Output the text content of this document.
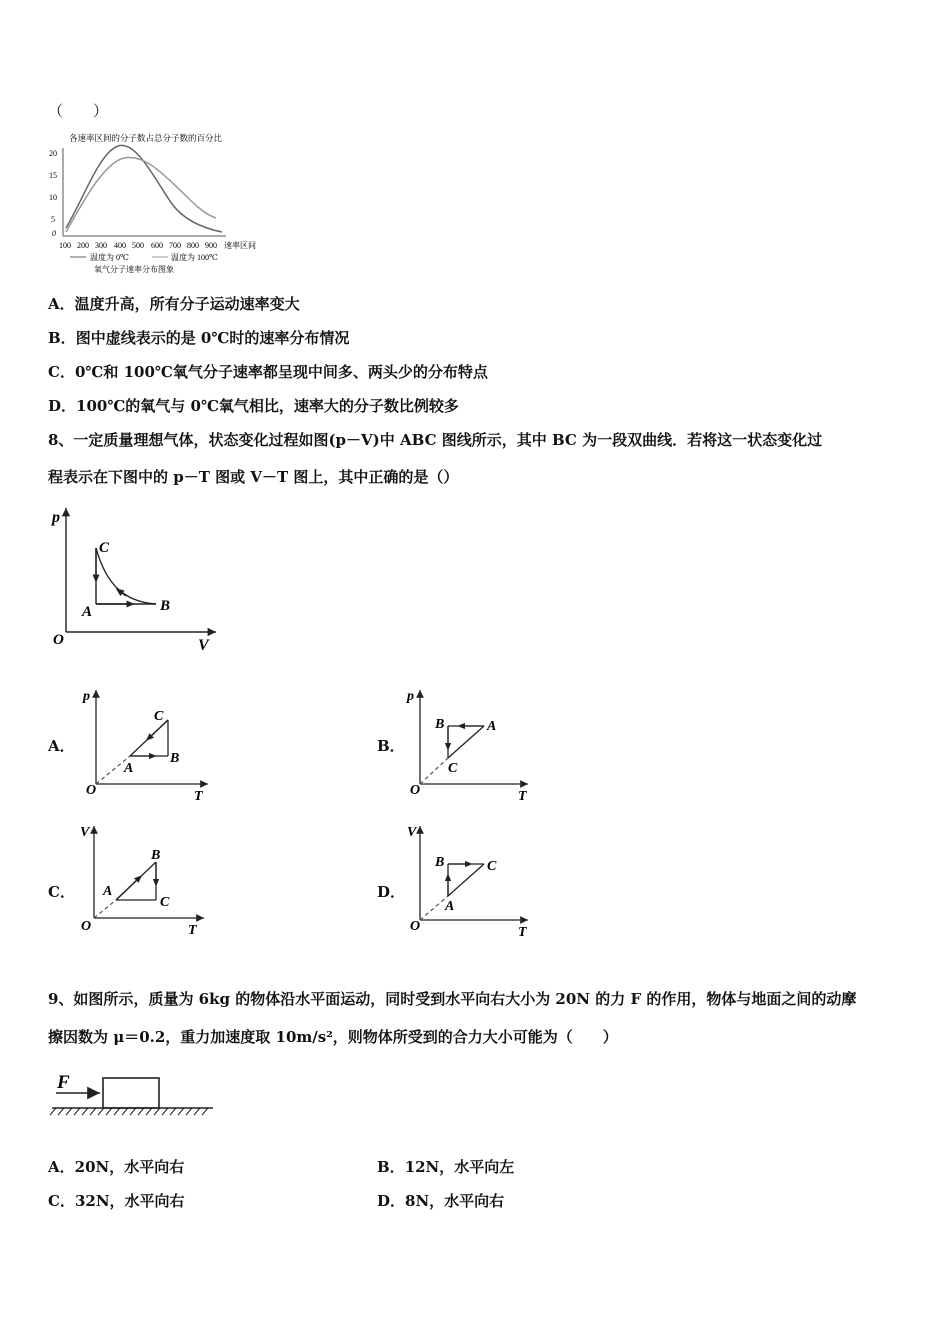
（　　）
各速率区间的分子数占总分子数的百分比
20
15
10
5
0
100 200 300 400 500 600 700 800 900 速率区间
温度为 0℃	温度为 100℃
氧气分子速率分布图象
A．温度升高，所有分子运动速率变大
B．图中虚线表示的是 0℃时的速率分布情况
C．0℃和 100℃氧气分子速率都呈现中间多、两头少的分布特点
D．100℃的氧气与 0℃氧气相比，速率大的分子数比例较多
8、一定质量理想气体，状态变化过程如图(p－V)中 ABC 图线所示，其中 BC 为一段双曲线．若将这一状态变化过
程表示在下图中的 p－T 图或 V－T 图上，其中正确的是（）
p
V
O
C
A	B
A．
p
T
O
C
B
A
B．
p
T
O
B	A
C
C．
V
T
O
B
A
C
D．
V
T
O
B	C
A
9、如图所示，质量为 6kg 的物体沿水平面运动，同时受到水平向右大小为 20N 的力 F 的作用，物体与地面之间的动摩
擦因数为 μ＝0.2，重力加速度取 10m/s²，则物体所受到的合力大小可能为（　　）
F
A．20N，水平向右	B．12N，水平向左
C．32N，水平向右	D．8N，水平向右
